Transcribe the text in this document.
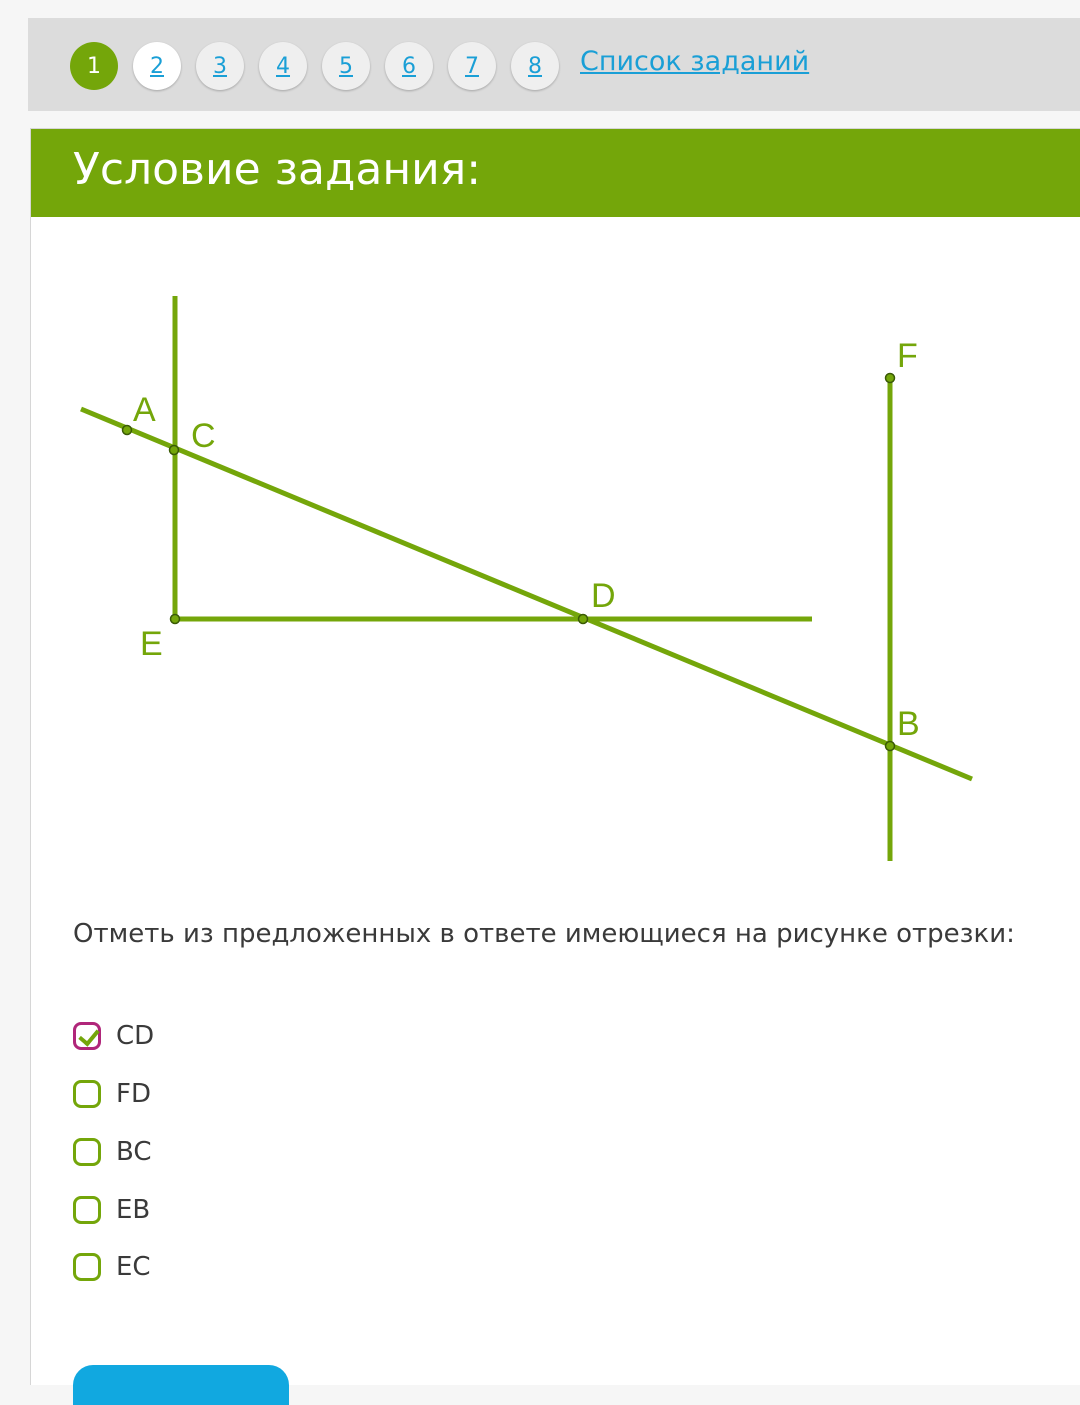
1	2	3	4	5	6	7	8	Список заданий
Условие задания:
A
C
E
D
F
B
Отметь из предложенных в ответе имеющиеся на рисунке отрезки:
CD
FD
BC
EB
EC
